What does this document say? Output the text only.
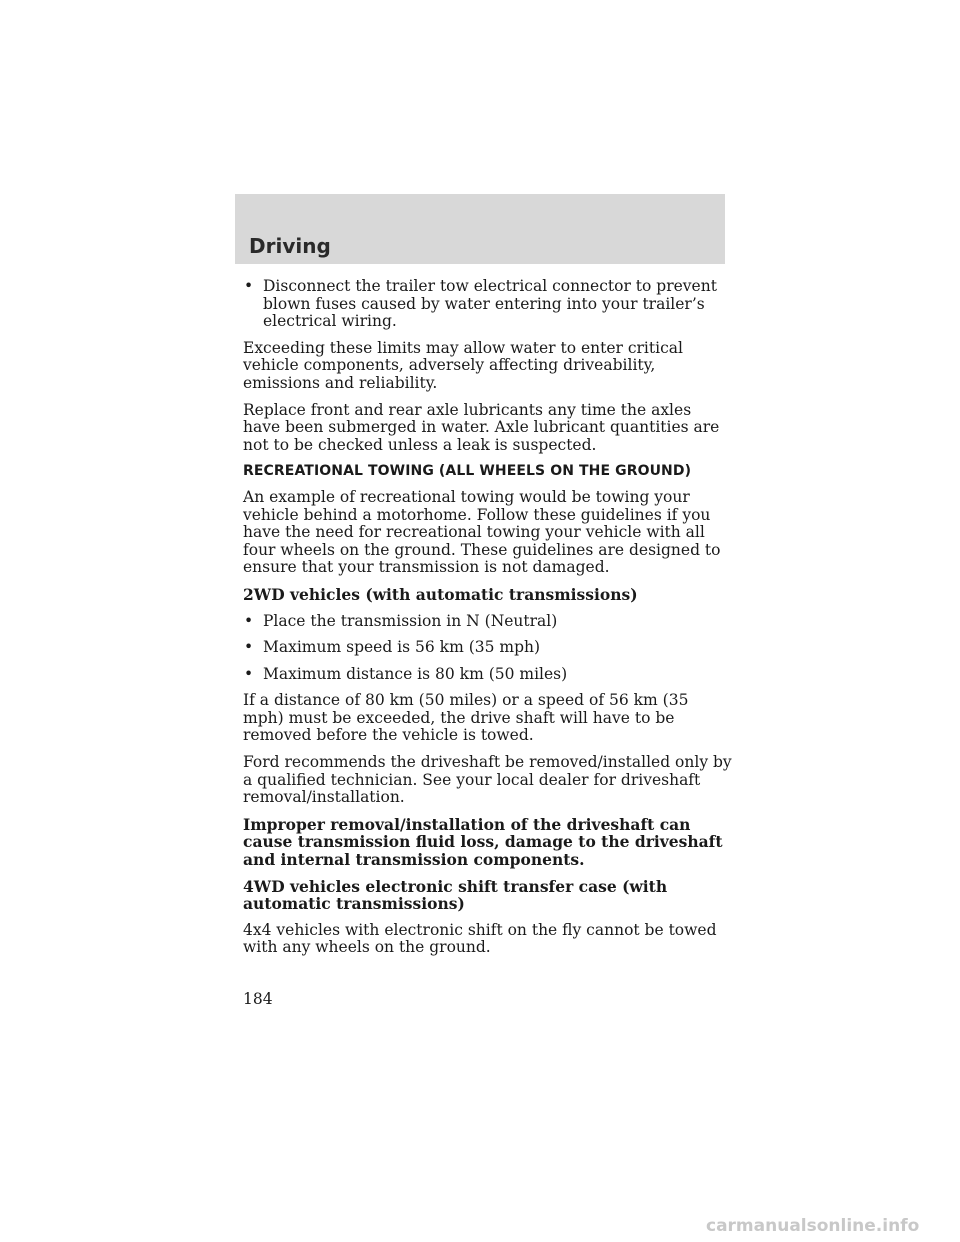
Driving
• Disconnect the trailer tow electrical connector to prevent blown fuses caused by water entering into your trailer’s electrical wiring.

Exceeding these limits may allow water to enter critical vehicle components, adversely affecting driveability, emissions and reliability.

Replace front and rear axle lubricants any time the axles have been submerged in water. Axle lubricant quantities are not to be checked unless a leak is suspected.

RECREATIONAL TOWING (ALL WHEELS ON THE GROUND)

An example of recreational towing would be towing your vehicle behind a motorhome. Follow these guidelines if you have the need for recreational towing your vehicle with all four wheels on the ground. These guidelines are designed to ensure that your transmission is not damaged.

2WD vehicles (with automatic transmissions)
• Place the transmission in N (Neutral)
• Maximum speed is 56 km (35 mph)
• Maximum distance is 80 km (50 miles)

If a distance of 80 km (50 miles) or a speed of 56 km (35 mph) must be exceeded, the drive shaft will have to be removed before the vehicle is towed.

Ford recommends the driveshaft be removed/installed only by a qualified technician. See your local dealer for driveshaft removal/installation.

Improper removal/installation of the driveshaft can cause transmission fluid loss, damage to the driveshaft and internal transmission components.
4WD vehicles electronic shift transfer case (with automatic transmissions)

4x4 vehicles with electronic shift on the fly cannot be towed with any wheels on the ground.

184
carmanualsonline.info
